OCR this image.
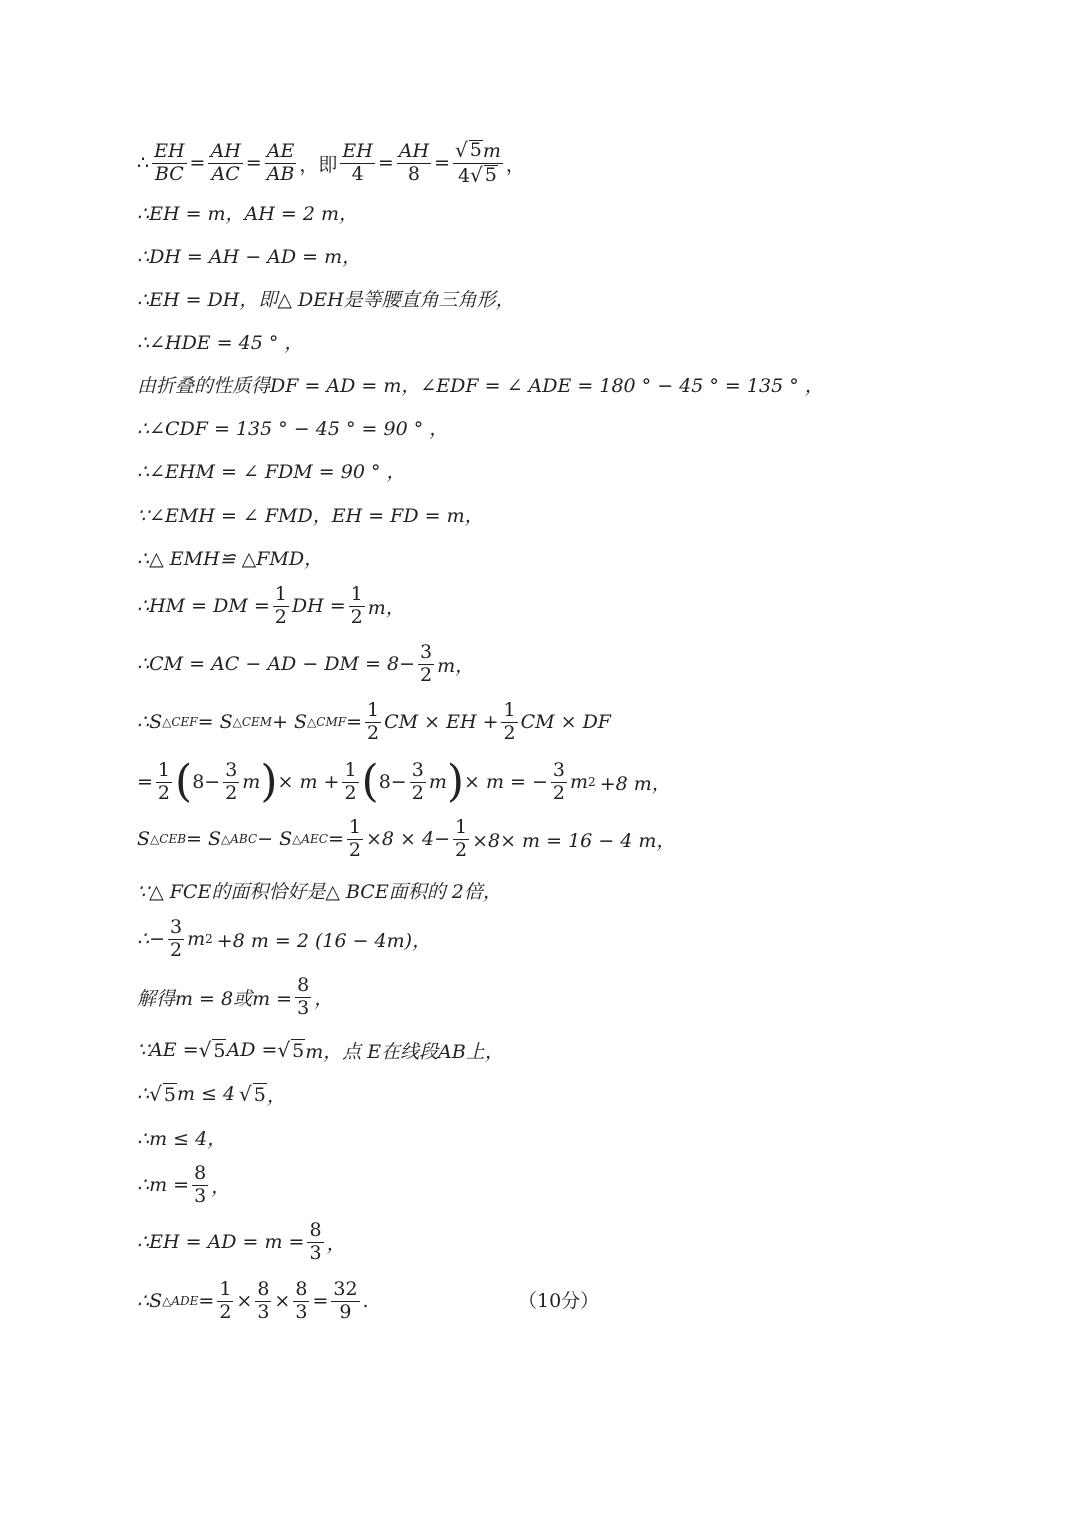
∴ $\frac{EH}{BC} = \frac{AH}{AC} = \frac{AE}{AB}$ ，即 $\frac{EH}{4} = \frac{AH}{8} = \frac{√ 5 m}{4 √ 5}$ ，
∴EH = m，AH = 2 m，
∴DH = AH − AD = m，
∴EH = DH，即△ DEH是等腰直角三角形，
∴∠HDE = 45 ° ，
由折叠的性质得DF = AD = m，∠EDF = ∠ ADE = 180 ° − 45 ° = 135 ° ，
∴∠CDF = 135 ° − 45 ° = 90 ° ，
∴∠EHM = ∠ FDM = 90 ° ，
∵∠EMH = ∠ FMD，EH = FD = m，
∴△ EMH≌ △FMD，
∴HM = DM = $\frac{1}{2}$ DH = $\frac{1}{2}$ m，
∴CM = AC − AD − DM = $8- \frac{3}{2}$ m，
∴S △CEF = S △CEM + S △CMF = $\frac{1}{2}$ CM × EH + $\frac{1}{2}$ CM × DF
= $\frac{1}{2}$ ( $8- \frac{3}{2}$ m ) × $m + \frac{1}{2}$ ( $8- \frac{3}{2}$ m ) × m = − $\frac{3}{2}$ m 2 +8 m，
S △CEB = S △ABC − S △AEC = $\frac{1}{2} \times 8 \times 4- \frac{1}{2} \times 8\times m = 16 - 4$ m，
∵△ FCE的面积恰好是△ BCE面积的 2倍，
∴− $\frac{3}{2}$ m 2 +8 m = 2 (16 − 4m)，
解得m = 8或$m = \frac{8}{3}$ ，
∵AE = √ 5 AD = √ 5 m，点 E在线段AB上，
∴ √ 5 m ≤ 4 √ 5 ，
∴m ≤ 4，
∴m = $\frac{8}{3}$ ，
∴EH = AD = $m = \frac{8}{3}$ ，
∴S △ADE = $\frac{1}{2} \times \frac{8}{3} \times \frac{8}{3} = \frac{32}{9}$ .	（10分）
